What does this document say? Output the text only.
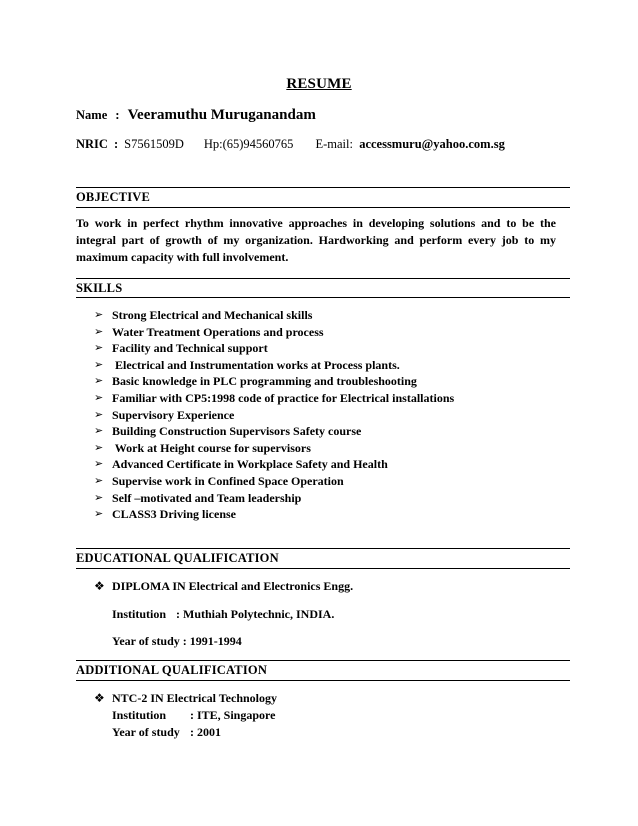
RESUME
Name : Veeramuthu Muruganandam
NRIC : S7561509D Hp:(65)94560765 E-mail: accessmuru@yahoo.com.sg
OBJECTIVE
To work in perfect rhythm innovative approaches in developing solutions and to be the integral part of growth of my organization. Hardworking and perform every job to my maximum capacity with full involvement.
SKILLS
➢ Strong Electrical and Mechanical skills
➢ Water Treatment Operations and process
➢ Facility and Technical support
➢ Electrical and Instrumentation works at Process plants.
➢ Basic knowledge in PLC programming and troubleshooting
➢ Familiar with CP5:1998 code of practice for Electrical installations
➢ Supervisory Experience
➢ Building Construction Supervisors Safety course
➢ Work at Height course for supervisors
➢ Advanced Certificate in Workplace Safety and Health
➢ Supervise work in Confined Space Operation
➢ Self –motivated and Team leadership
➢ CLASS3 Driving license
EDUCATIONAL QUALIFICATION
❖ DIPLOMA IN Electrical and Electronics Engg.
Institution : Muthiah Polytechnic, INDIA.
Year of study : 1991-1994
ADDITIONAL QUALIFICATION
❖ NTC-2 IN Electrical Technology
Institution : ITE, Singapore
Year of study : 2001
